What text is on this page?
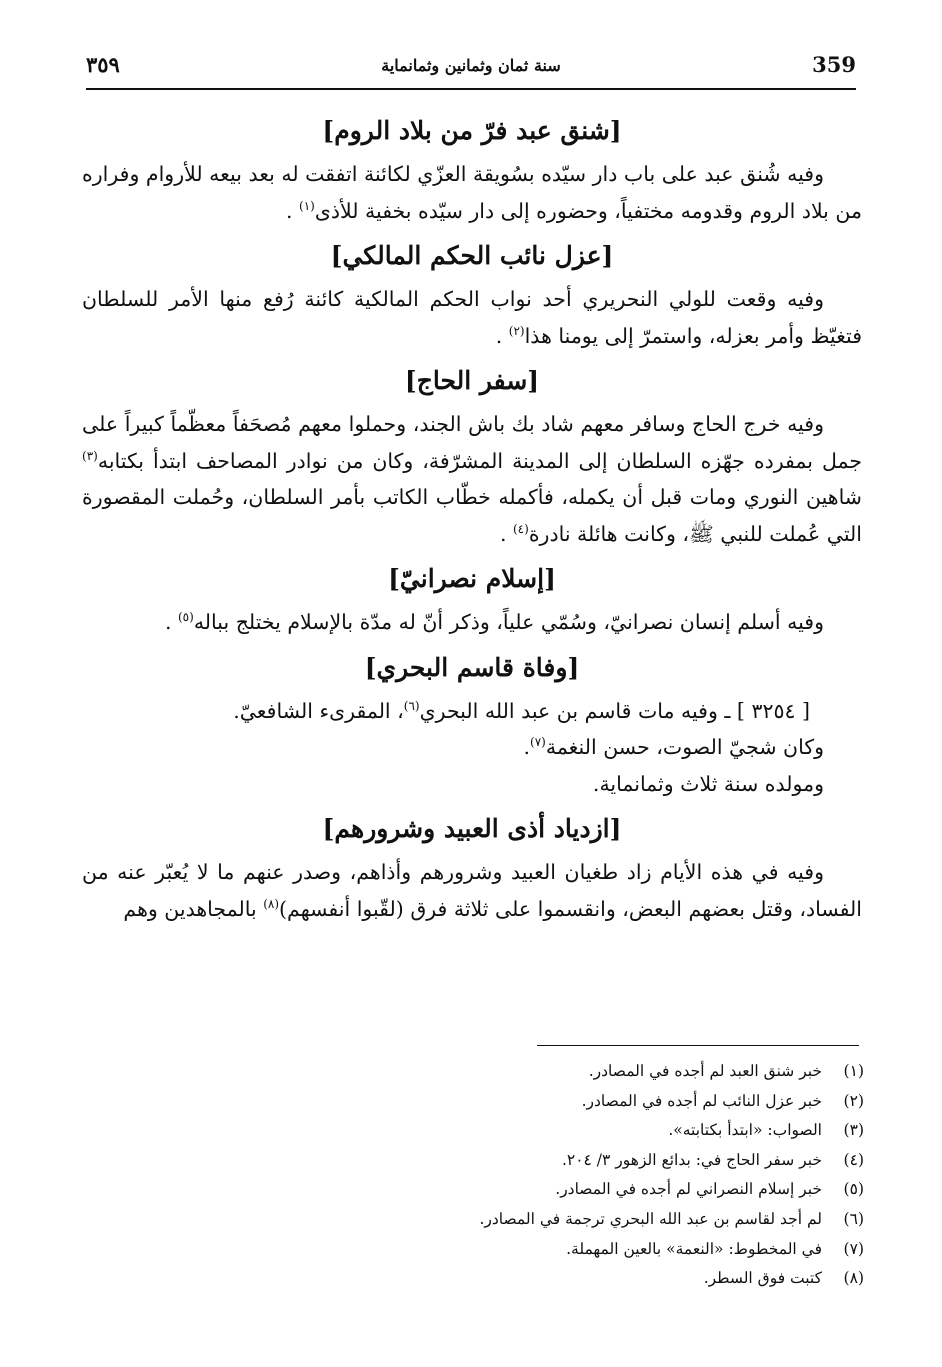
359
سنة ثمان وثمانين وثمانماية
٣٥٩
[شنق عبد فرّ من بلاد الروم]

وفيه شُنق عبد على باب دار سيّده بسُويقة العزّي لكائنة اتفقت له بعد بيعه للأروام وفراره من بلاد الروم وقدومه مختفياً، وحضوره إلى دار سيّده بخفية للأذى$^{(١)}$ .

[عزل نائب الحكم المالكي]

وفيه وقعت للولي النحريري أحد نواب الحكم المالكية كائنة رُفع منها الأمر للسلطان فتغيّظ وأمر بعزله، واستمرّ إلى يومنا هذا$^{(٢)}$ .

[سفر الحاج]

وفيه خرج الحاج وسافر معهم شاد بك باش الجند، وحملوا معهم مُصحَفاً معظّماً كبيراً على جمل بمفرده جهّزه السلطان إلى المدينة المشرّفة، وكان من نوادر المصاحف ابتدأ بكتابه$^{(٣)}$ شاهين النوري ومات قبل أن يكمله، فأكمله خطّاب الكاتب بأمر السلطان، وحُملت المقصورة التي عُملت للنبي ﷺ، وكانت هائلة نادرة$^{(٤)}$ .

[إسلام نصرانيّ]

وفيه أسلم إنسان نصرانيّ، وسُمّي علياً، وذكر أنّ له مدّة بالإسلام يختلج بباله$^{(٥)}$ .

[وفاة قاسم البحري]

[ ٣٢٥٤ ] ـ وفيه مات قاسم بن عبد الله البحري$^{(٦)}$، المقرىء الشافعيّ.

وكان شجيّ الصوت، حسن النغمة$^{(٧)}$.

ومولده سنة ثلاث وثمانماية.

[ازدياد أذى العبيد وشرورهم]

وفيه في هذه الأيام زاد طغيان العبيد وشرورهم وأذاهم، وصدر عنهم ما لا يُعبّر عنه من الفساد، وقتل بعضهم البعض، وانقسموا على ثلاثة فرق (لقّبوا أنفسهم)$^{(٨)}$ بالمجاهدين وهم

(١)
خبر شنق العبد لم أجده في المصادر.
(٢)
خبر عزل النائب لم أجده في المصادر.
(٣)
الصواب: «ابتدأ بكتابته».
(٤)
خبر سفر الحاج في: بدائع الزهور ٣/ ٢٠٤.
(٥)
خبر إسلام النصراني لم أجده في المصادر.
(٦)
لم أجد لقاسم بن عبد الله البحري ترجمة في المصادر.
(٧)
في المخطوط: «النعمة» بالعين المهملة.
(٨)
كتبت فوق السطر.
